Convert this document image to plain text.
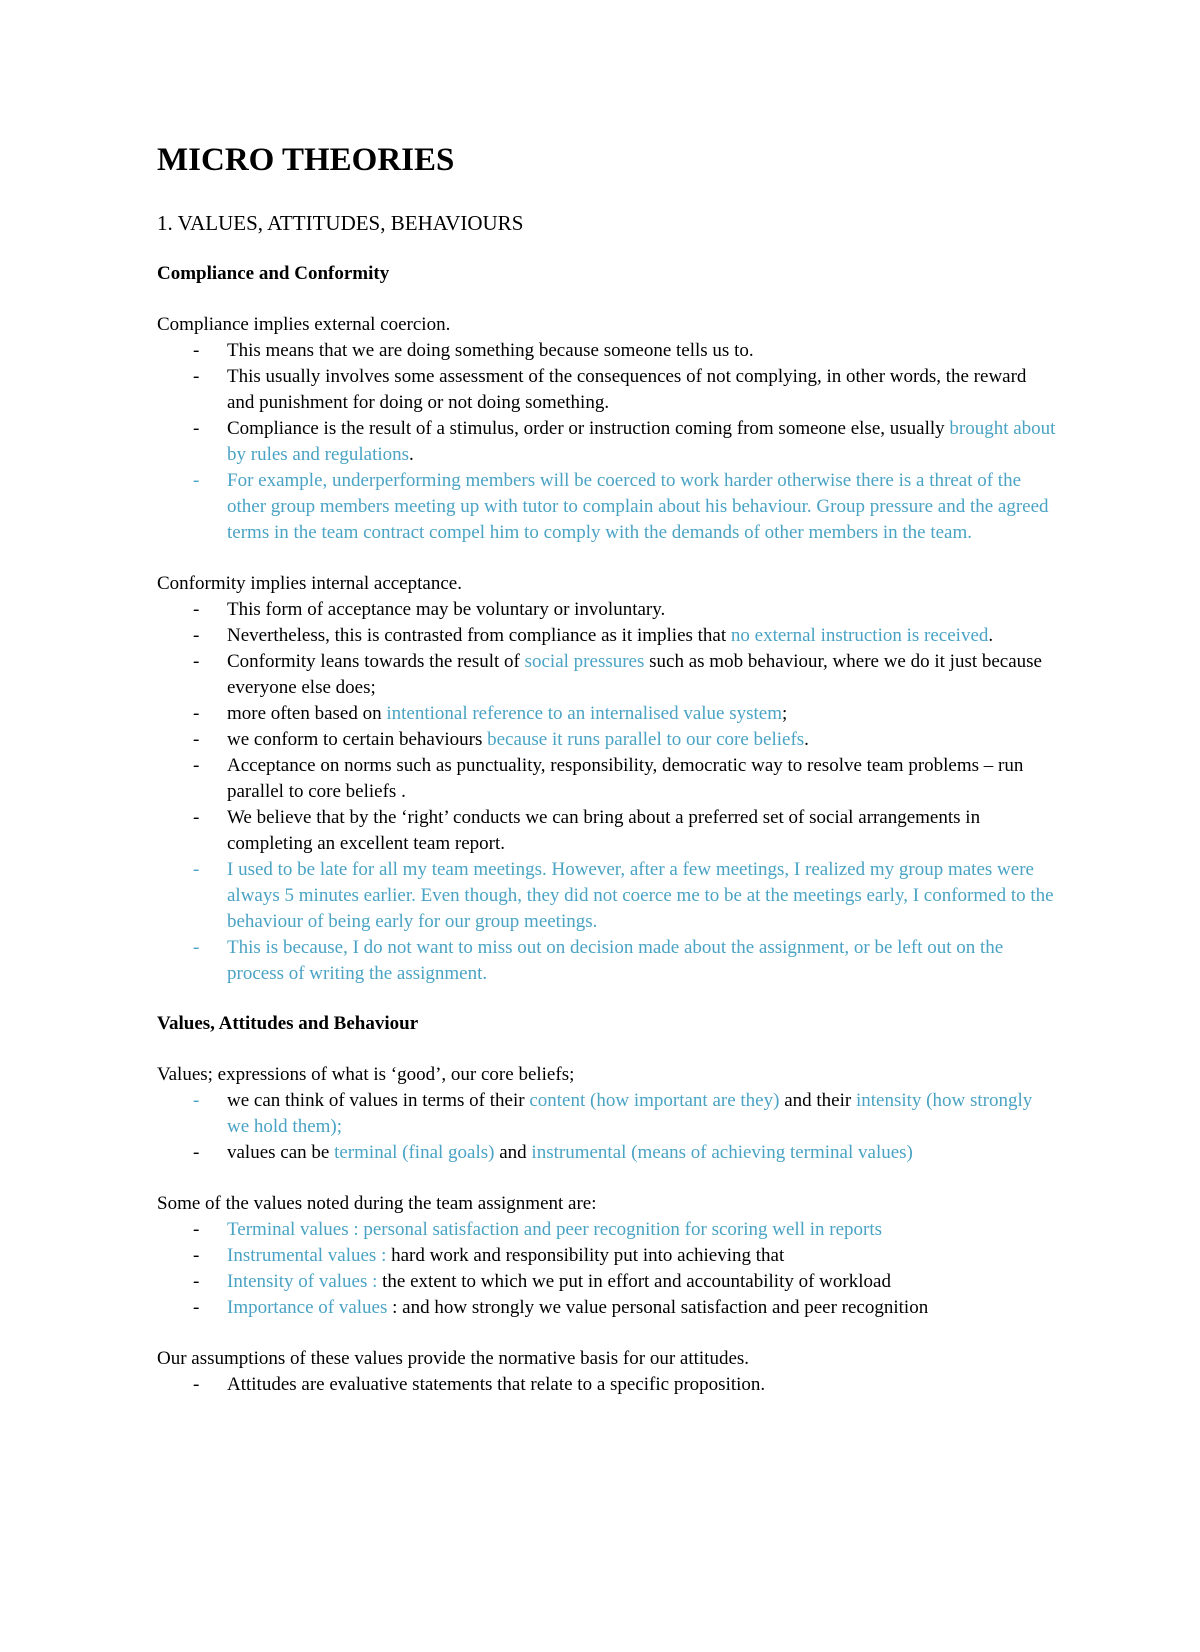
MICRO THEORIES
1. VALUES, ATTITUDES, BEHAVIOURS
Compliance and Conformity

Compliance implies external coercion.

- This means that we are doing something because someone tells us to.
- This usually involves some assessment of the consequences of not complying, in other words, the reward and punishment for doing or not doing something.
- Compliance is the result of a stimulus, order or instruction coming from someone else, usually brought about by rules and regulations.
- For example, underperforming members will be coerced to work harder otherwise there is a threat of the other group members meeting up with tutor to complain about his behaviour. Group pressure and the agreed terms in the team contract compel him to comply with the demands of other members in the team.

Conformity implies internal acceptance.

- This form of acceptance may be voluntary or involuntary.
- Nevertheless, this is contrasted from compliance as it implies that no external instruction is received.
- Conformity leans towards the result of social pressures such as mob behaviour, where we do it just because everyone else does;
- more often based on intentional reference to an internalised value system;
- we conform to certain behaviours because it runs parallel to our core beliefs.
- Acceptance on norms such as punctuality, responsibility, democratic way to resolve team problems – run parallel to core beliefs .
- We believe that by the ‘right’ conducts we can bring about a preferred set of social arrangements in completing an excellent team report.
- I used to be late for all my team meetings. However, after a few meetings, I realized my group mates were always 5 minutes earlier. Even though, they did not coerce me to be at the meetings early, I conformed to the behaviour of being early for our group meetings.
- This is because, I do not want to miss out on decision made about the assignment, or be left out on the process of writing the assignment.
Values, Attitudes and Behaviour

Values; expressions of what is ‘good’, our core beliefs;

- we can think of values in terms of their content (how important are they) and their intensity (how strongly we hold them);
- values can be terminal (final goals) and instrumental (means of achieving terminal values)

Some of the values noted during the team assignment are:

- Terminal values : personal satisfaction and peer recognition for scoring well in reports
- Instrumental values : hard work and responsibility put into achieving that
- Intensity of values : the extent to which we put in effort and accountability of workload
- Importance of values : and how strongly we value personal satisfaction and peer recognition

Our assumptions of these values provide the normative basis for our attitudes.

- Attitudes are evaluative statements that relate to a specific proposition.
